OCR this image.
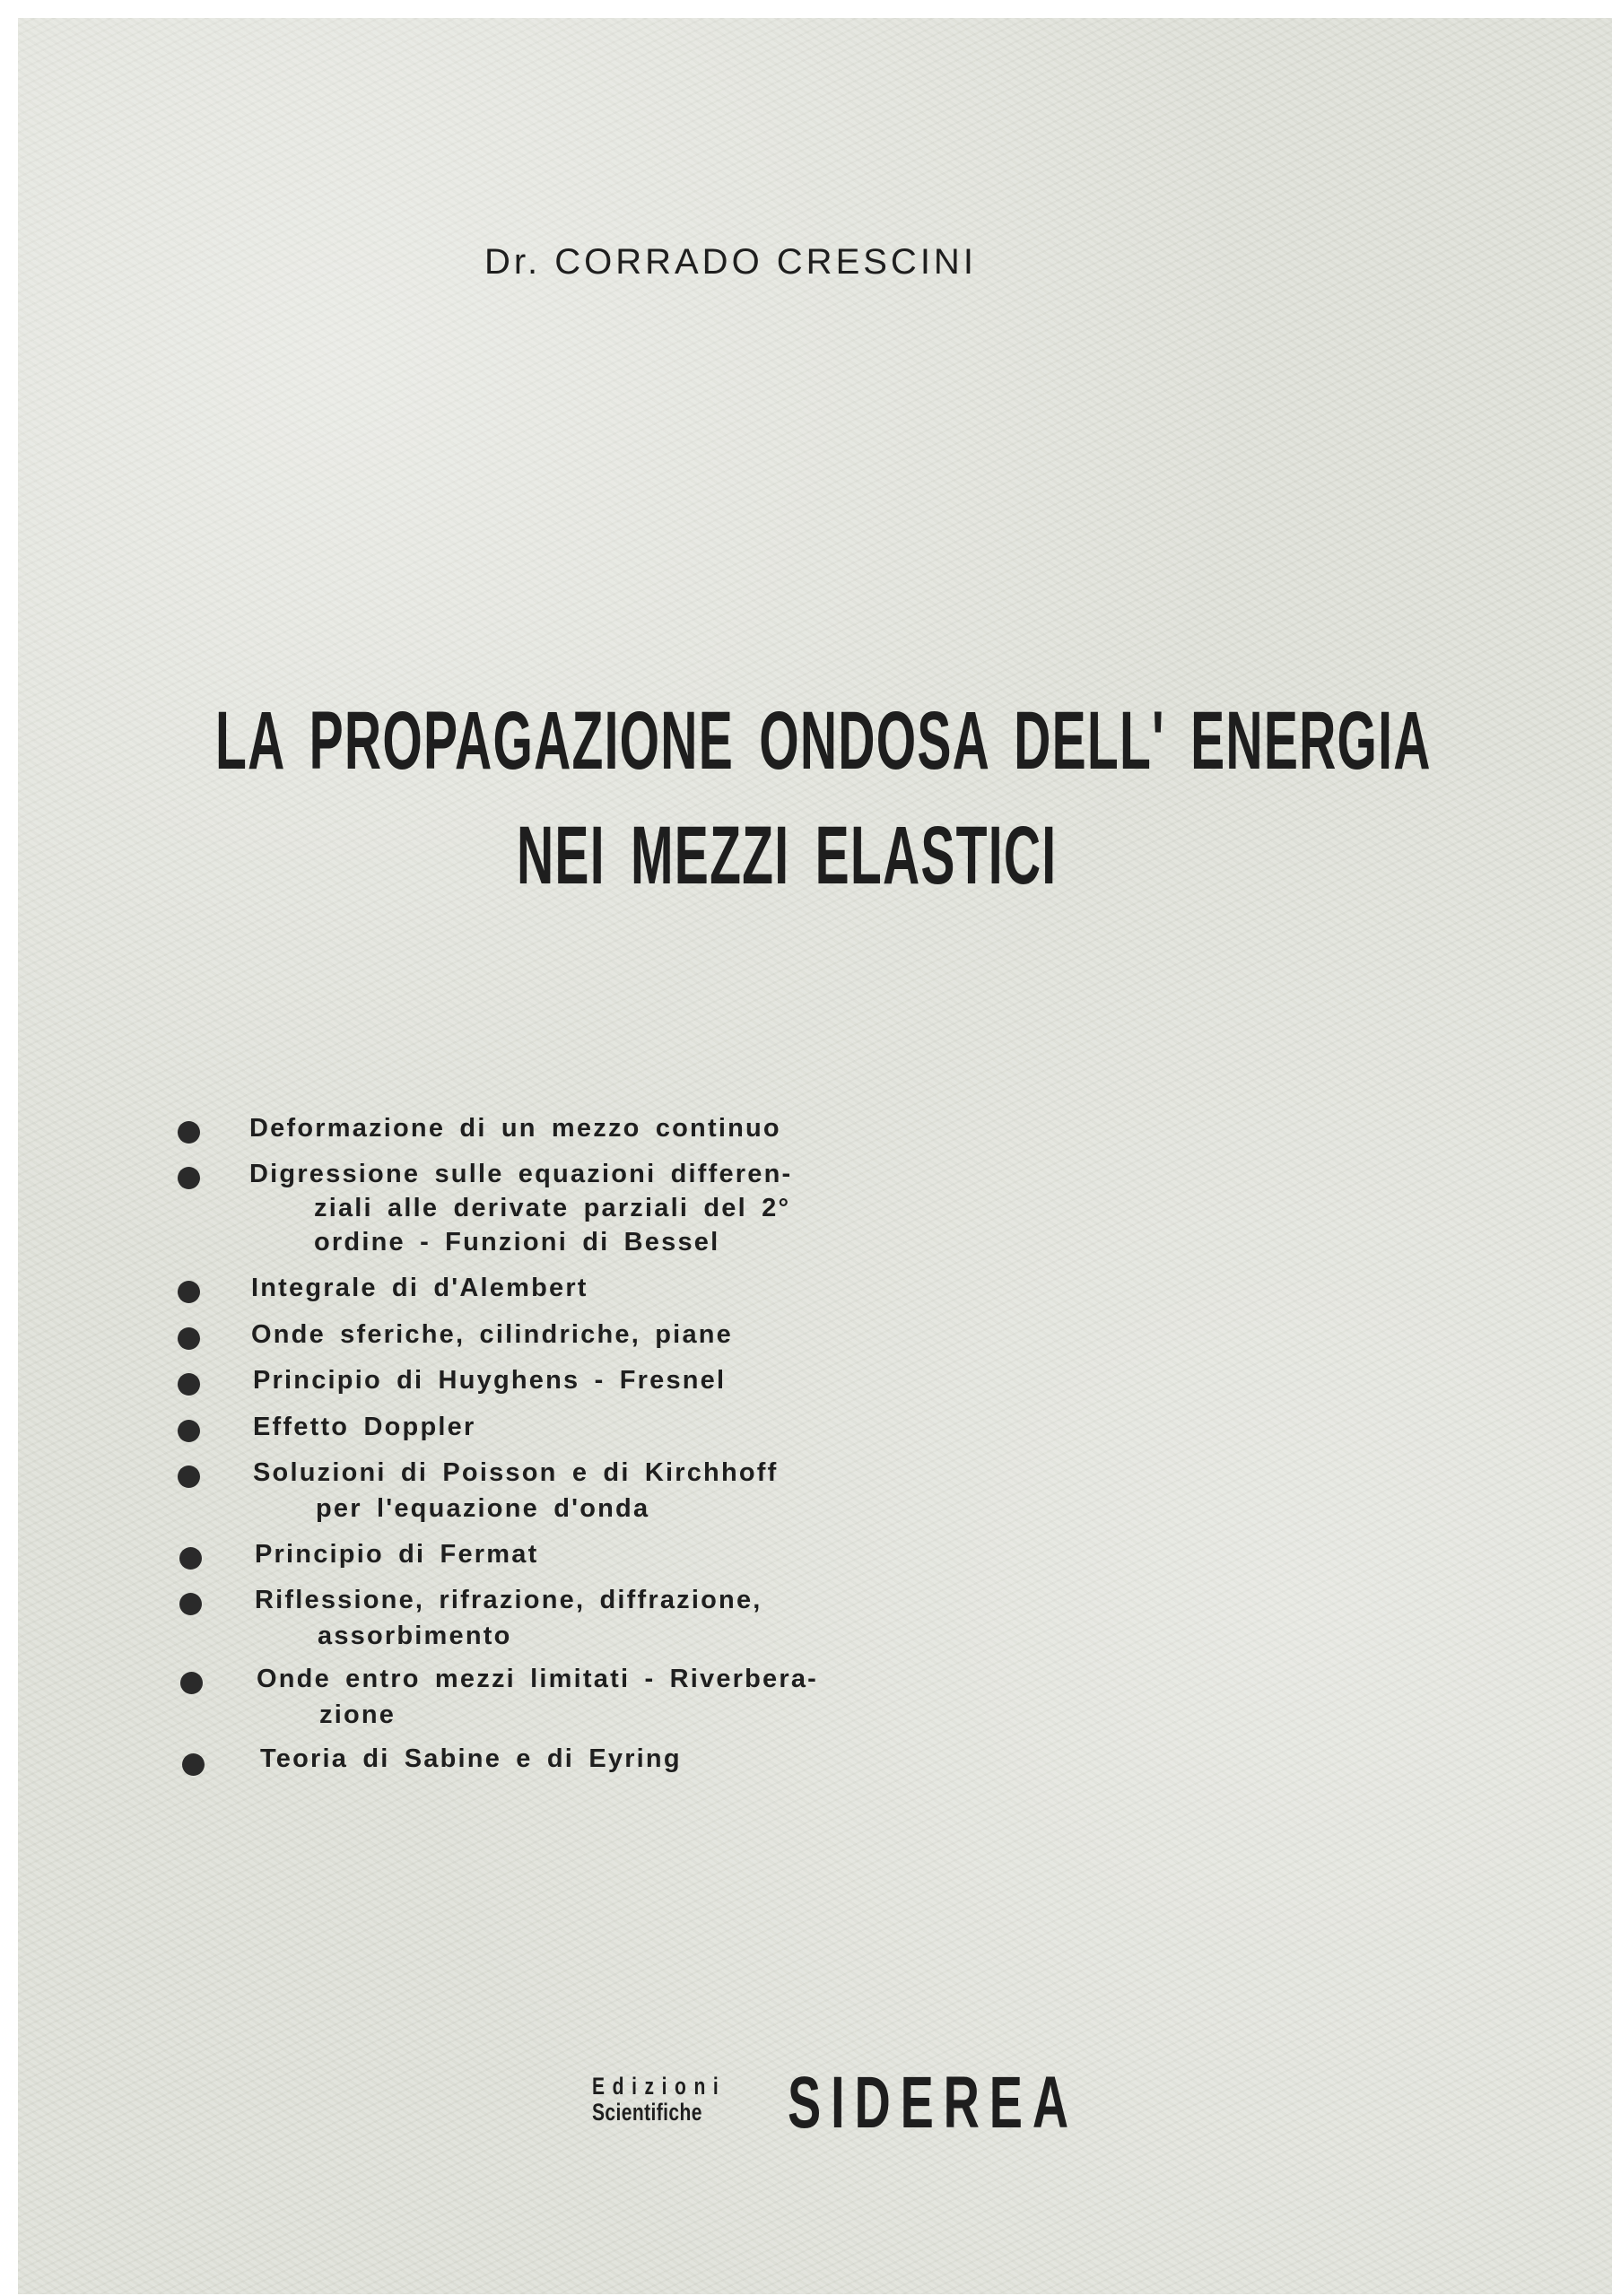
Dr. CORRADO CRESCINI
LA PROPAGAZIONE ONDOSA DELL' ENERGIA
NEI MEZZI ELASTICI
Deformazione di un mezzo continuo
Digressione sulle equazioni differen-
ziali alle derivate parziali del 2°
ordine - Funzioni di Bessel
Integrale di d'Alembert
Onde sferiche, cilindriche, piane
Principio di Huyghens - Fresnel
Effetto Doppler
Soluzioni di Poisson e di Kirchhoff
per l'equazione d'onda
Principio di Fermat
Riflessione, rifrazione, diffrazione,
assorbimento
Onde entro mezzi limitati - Riverbera-
zione
Teoria di Sabine e di Eyring
Edizioni
Scientifiche SIDEREA
